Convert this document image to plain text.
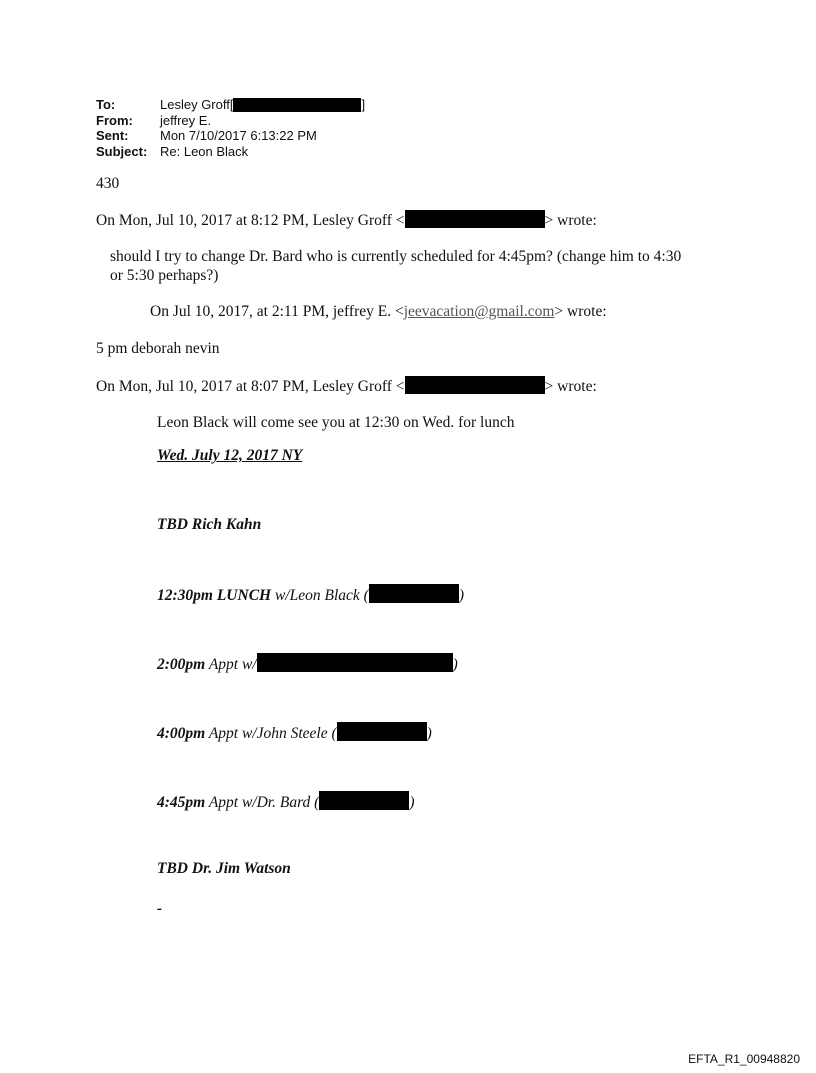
To:	Lesley Groff[	]
From:	jeffrey E.
Sent:	Mon 7/10/2017 6:13:22 PM
Subject: Re: Leon Black
430
On Mon, Jul 10, 2017 at 8:12 PM, Lesley Groff <	> wrote:
should I try to change Dr. Bard who is currently scheduled for 4:45pm? (change him to 4:30
or 5:30 perhaps?)
On Jul 10, 2017, at 2:11 PM, jeffrey E. <jeevacation@gmail.com> wrote:
5 pm deborah nevin
On Mon, Jul 10, 2017 at 8:07 PM, Lesley Groff <	> wrote:
Leon Black will come see you at 12:30 on Wed. for lunch
Wed. July 12, 2017 NY
TBD Rich Kahn
12:30pm LUNCH w/Leon Black (	)
2:00pm Appt w/	)
4:00pm Appt w/John Steele (	)
4:45pm Appt w/Dr. Bard (	)
TBD Dr. Jim Watson
-
EFTA_R1_00948820
